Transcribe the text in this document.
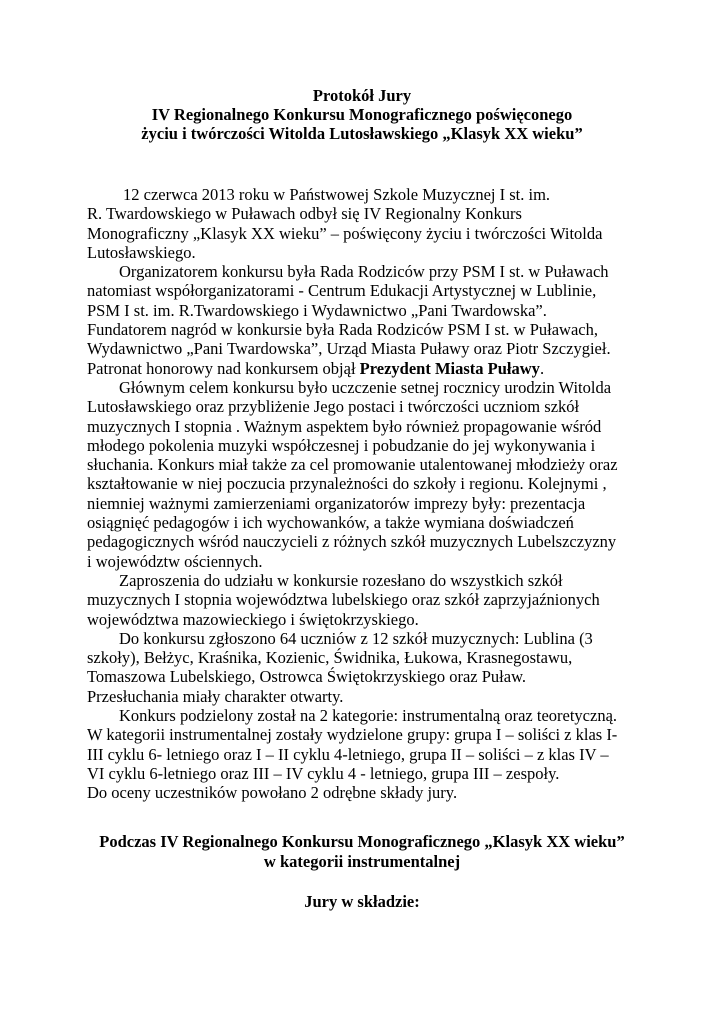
Protokół Jury
IV Regionalnego Konkursu Monograficznego poświęconego
życiu i twórczości Witolda Lutosławskiego „Klasyk XX wieku”
12 czerwca 2013 roku w Państwowej Szkole Muzycznej I st. im.
R. Twardowskiego w Puławach odbył się IV Regionalny Konkurs
Monograficzny „Klasyk XX wieku” – poświęcony życiu i twórczości Witolda
Lutosławskiego.
Organizatorem konkursu była Rada Rodziców przy PSM I st. w Puławach
natomiast współorganizatorami - Centrum Edukacji Artystycznej w Lublinie,
PSM I st. im. R.Twardowskiego i Wydawnictwo „Pani Twardowska”.
Fundatorem nagród w konkursie była Rada Rodziców PSM I st. w Puławach,
Wydawnictwo „Pani Twardowska”, Urząd Miasta Puławy oraz Piotr Szczygieł.
Patronat honorowy nad konkursem objął Prezydent Miasta Puławy.
Głównym celem konkursu było uczczenie setnej rocznicy urodzin Witolda
Lutosławskiego oraz przybliżenie Jego postaci i twórczości uczniom szkół
muzycznych I stopnia . Ważnym aspektem było również propagowanie wśród
młodego pokolenia muzyki współczesnej i pobudzanie do jej wykonywania i
słuchania. Konkurs miał także za cel promowanie utalentowanej młodzieży oraz
kształtowanie w niej poczucia przynależności do szkoły i regionu. Kolejnymi ,
niemniej ważnymi zamierzeniami organizatorów imprezy były: prezentacja
osiągnięć pedagogów i ich wychowanków, a także wymiana doświadczeń
pedagogicznych wśród nauczycieli z różnych szkół muzycznych Lubelszczyzny
i województw ościennych.
Zaproszenia do udziału w konkursie rozesłano do wszystkich szkół
muzycznych I stopnia województwa lubelskiego oraz szkół zaprzyjaźnionych
województwa mazowieckiego i świętokrzyskiego.
Do konkursu zgłoszono 64 uczniów z 12 szkół muzycznych: Lublina (3
szkoły), Bełżyc, Kraśnika, Kozienic, Świdnika, Łukowa, Krasnegostawu,
Tomaszowa Lubelskiego, Ostrowca Świętokrzyskiego oraz Puław.
Przesłuchania miały charakter otwarty.
Konkurs podzielony został na 2 kategorie: instrumentalną oraz teoretyczną.
W kategorii instrumentalnej zostały wydzielone grupy: grupa I – soliści z klas I-
III cyklu 6- letniego oraz I – II cyklu 4-letniego, grupa II – soliści – z klas IV –
VI cyklu 6-letniego oraz III – IV cyklu 4 - letniego, grupa III – zespoły.
Do oceny uczestników powołano 2 odrębne składy jury.
Podczas IV Regionalnego Konkursu Monograficznego „Klasyk XX wieku”
w kategorii instrumentalnej
Jury w składzie:
